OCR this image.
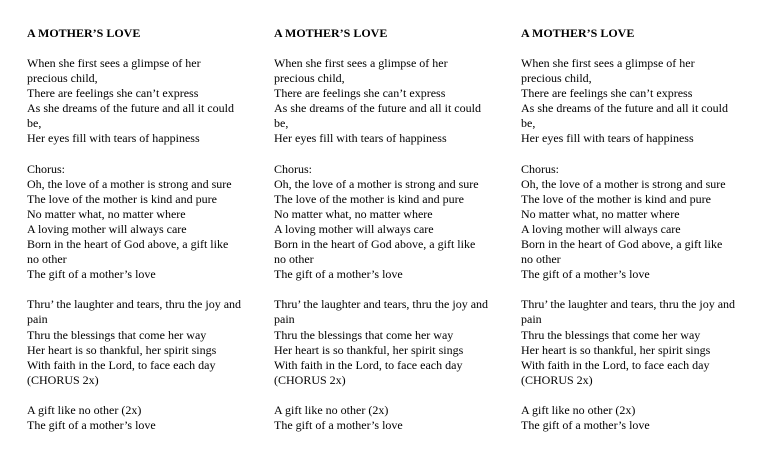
A MOTHER’S LOVE
When she first sees a glimpse of her
precious child,
There are feelings she can’t express
As she dreams of the future and all it could
be,
Her eyes fill with tears of happiness
Chorus:
Oh, the love of a mother is strong and sure
The love of the mother is kind and pure
No matter what, no matter where
A loving mother will always care
Born in the heart of God above, a gift like
no other
The gift of a mother’s love
Thru’ the laughter and tears, thru the joy and
pain
Thru the blessings that come her way
Her heart is so thankful, her spirit sings
With faith in the Lord, to face each day
(CHORUS 2x)
A gift like no other (2x)
The gift of a mother’s love
A MOTHER’S LOVE
When she first sees a glimpse of her
precious child,
There are feelings she can’t express
As she dreams of the future and all it could
be,
Her eyes fill with tears of happiness
Chorus:
Oh, the love of a mother is strong and sure
The love of the mother is kind and pure
No matter what, no matter where
A loving mother will always care
Born in the heart of God above, a gift like
no other
The gift of a mother’s love
Thru’ the laughter and tears, thru the joy and
pain
Thru the blessings that come her way
Her heart is so thankful, her spirit sings
With faith in the Lord, to face each day
(CHORUS 2x)
A gift like no other (2x)
The gift of a mother’s love
A MOTHER’S LOVE
When she first sees a glimpse of her
precious child,
There are feelings she can’t express
As she dreams of the future and all it could
be,
Her eyes fill with tears of happiness
Chorus:
Oh, the love of a mother is strong and sure
The love of the mother is kind and pure
No matter what, no matter where
A loving mother will always care
Born in the heart of God above, a gift like
no other
The gift of a mother’s love
Thru’ the laughter and tears, thru the joy and
pain
Thru the blessings that come her way
Her heart is so thankful, her spirit sings
With faith in the Lord, to face each day
(CHORUS 2x)
A gift like no other (2x)
The gift of a mother’s love
